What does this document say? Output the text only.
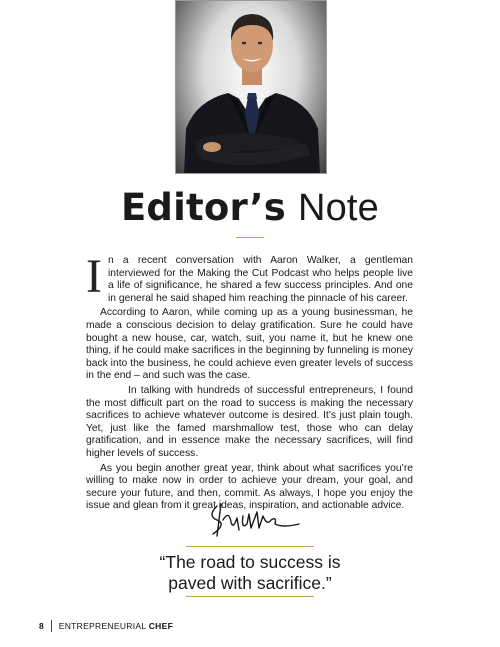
Editor’s Note

In a recent conversation with Aaron Walker, a gentleman interviewed for the Making the Cut Podcast who helps people live a life of significance, he shared a few success principles. And one in general he said shaped him reaching the pinnacle of his career.

According to Aaron, while coming up as a young businessman, he made a conscious decision to delay gratification. Sure he could have bought a new house, car, watch, suit, you name it, but he knew one thing, if he could make sacrifices in the beginning by funneling is money back into the business, he could achieve even greater levels of success in the end – and such was the case.

In talking with hundreds of successful entrepreneurs, I found the most difficult part on the road to success is making the necessary sacrifices to achieve whatever outcome is desired. It’s just plain tough. Yet, just like the famed marshmallow test, those who can delay gratification, and in essence make the necessary sacrifices, will find higher levels of success.

As you begin another great year, think about what sacrifices you’re willing to make now in order to achieve your dream, your goal, and secure your future, and then, commit. As always, I hope you enjoy the issue and glean from it great ideas, inspiration, and actionable advice.

“The road to success is
paved with sacrifice.”
8 ENTREPRENEURIAL CHEF
